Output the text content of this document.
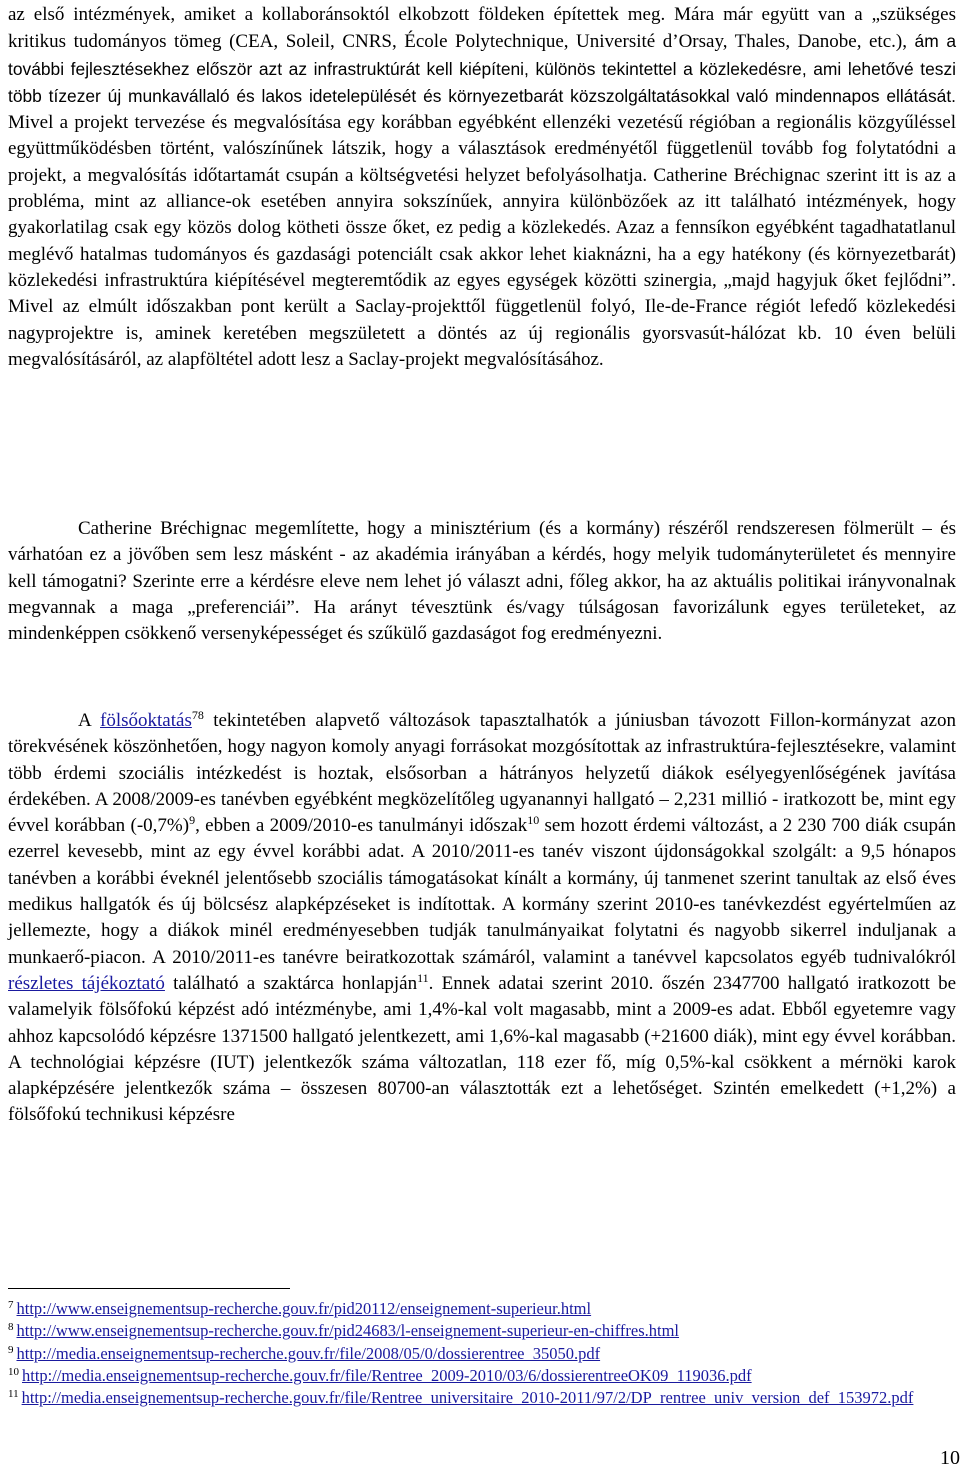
az első intézmények, amiket a kollaboránsoktól elkobzott földeken építettek meg. Mára már együtt van a „szükséges kritikus tudományos tömeg (CEA, Soleil, CNRS, École Polytechnique, Université d’Orsay, Thales, Danobe, etc.), ám a további fejlesztésekhez először azt az infrastruktúrát kell kiépíteni, különös tekintettel a közlekedésre, ami lehetővé teszi több tízezer új munkavállaló és lakos idetelepülését és környezetbarát közszolgáltatásokkal való mindennapos ellátását. Mivel a projekt tervezése és megvalósítása egy korábban egyébként ellenzéki vezetésű régióban a regionális közgyűléssel együttműködésben történt, valószínűnek látszik, hogy a választások eredményétől függetlenül tovább fog folytatódni a projekt, a megvalósítás időtartamát csupán a költségvetési helyzet befolyásolhatja. Catherine Bréchignac szerint itt is az a probléma, mint az alliance-ok esetében annyira sokszínűek, annyira különbözőek az itt található intézmények, hogy gyakorlatilag csak egy közös dolog kötheti össze őket, ez pedig a közlekedés. Azaz a fennsíkon egyébként tagadhatatlanul meglévő hatalmas tudományos és gazdasági potenciált csak akkor lehet kiaknázni, ha a egy hatékony (és környezetbarát) közlekedési infrastruktúra kiépítésével megteremtődik az egyes egységek közötti szinergia, „majd hagyjuk őket fejlődni”. Mivel az elmúlt időszakban pont került a Saclay-projekttől függetlenül folyó, Ile-de-France régiót lefedő közlekedési nagyprojektre is, aminek keretében megszületett a döntés az új regionális gyorsvasút-hálózat kb. 10 éven belüli megvalósításáról, az alapföltétel adott lesz a Saclay-projekt megvalósításához.

Catherine Bréchignac megemlítette, hogy a minisztérium (és a kormány) részéről rendszeresen fölmerült – és várhatóan ez a jövőben sem lesz másként - az akadémia irányában a kérdés, hogy melyik tudományterületet és mennyire kell támogatni? Szerinte erre a kérdésre eleve nem lehet jó választ adni, főleg akkor, ha az aktuális politikai irányvonalnak megvannak a maga „preferenciái”. Ha arányt tévesztünk és/vagy túlságosan favorizálunk egyes területeket, az mindenképpen csökkenő versenyképességet és szűkülő gazdaságot fog eredményezni.

A fölsőoktatás$^{78}$ tekintetében alapvető változások tapasztalhatók a júniusban távozott Fillon-kormányzat azon törekvésének köszönhetően, hogy nagyon komoly anyagi forrásokat mozgósítottak az infrastruktúra-fejlesztésekre, valamint több érdemi szociális intézkedést is hoztak, elsősorban a hátrányos helyzetű diákok esélyegyenlőségének javítása érdekében. A 2008/2009-es tanévben egyébként megközelítőleg ugyanannyi hallgató – 2,231 millió - iratkozott be, mint egy évvel korábban $(-0,7\%)^9$, ebben a 2009/2010-es tanulmányi időszak$^{10}$ sem hozott érdemi változást, a 2 230 700 diák csupán ezerrel kevesebb, mint az egy évvel korábbi adat. A 2010/2011-es tanév viszont újdonságokkal szolgált: a 9,5 hónapos tanévben a korábbi éveknél jelentősebb szociális támogatásokat kínált a kormány, új tanmenet szerint tanultak az első éves medikus hallgatók és új bölcsész alapképzéseket is indítottak. A kormány szerint 2010-es tanévkezdést egyértelműen az jellemezte, hogy a diákok minél eredményesebben tudják tanulmányaikat folytatni és nagyobb sikerrel induljanak a munkaerő-piacon. A 2010/2011-es tanévre beiratkozottak számáról, valamint a tanévvel kapcsolatos egyéb tudnivalókról részletes tájékoztató található a szaktárca honlapján$^{11}$. Ennek adatai szerint 2010. őszén 2347700 hallgató iratkozott be valamelyik fölsőfokú képzést adó intézménybe, ami 1,4%-kal volt magasabb, mint a 2009-es adat. Ebből egyetemre vagy ahhoz kapcsolódó képzésre 1371500 hallgató jelentkezett, ami 1,6%-kal magasabb (+21600 diák), mint egy évvel korábban. A technológiai képzésre (IUT) jelentkezők száma változatlan, 118 ezer fő, míg 0,5%-kal csökkent a mérnöki karok alapképzésére jelentkezők száma – összesen 80700-an választották ezt a lehetőséget. Szintén emelkedett (+1,2%) a fölsőfokú technikusi képzésre

$^7$ http://www.enseignementsup-recherche.gouv.fr/pid20112/enseignement-superieur.html

$^8$ http://www.enseignementsup-recherche.gouv.fr/pid24683/l-enseignement-superieur-en-chiffres.html

$^9$ http://media.enseignementsup-recherche.gouv.fr/file/2008/05/0/dossierentree_35050.pdf

$^{10}$ http://media.enseignementsup-recherche.gouv.fr/file/Rentree_2009-2010/03/6/dossierentreeOK09_119036.pdf

$^{11}$ http://media.enseignementsup-recherche.gouv.fr/file/Rentree_universitaire_2010-2011/97/2/DP_rentree_univ_version_def_153972.pdf

10
